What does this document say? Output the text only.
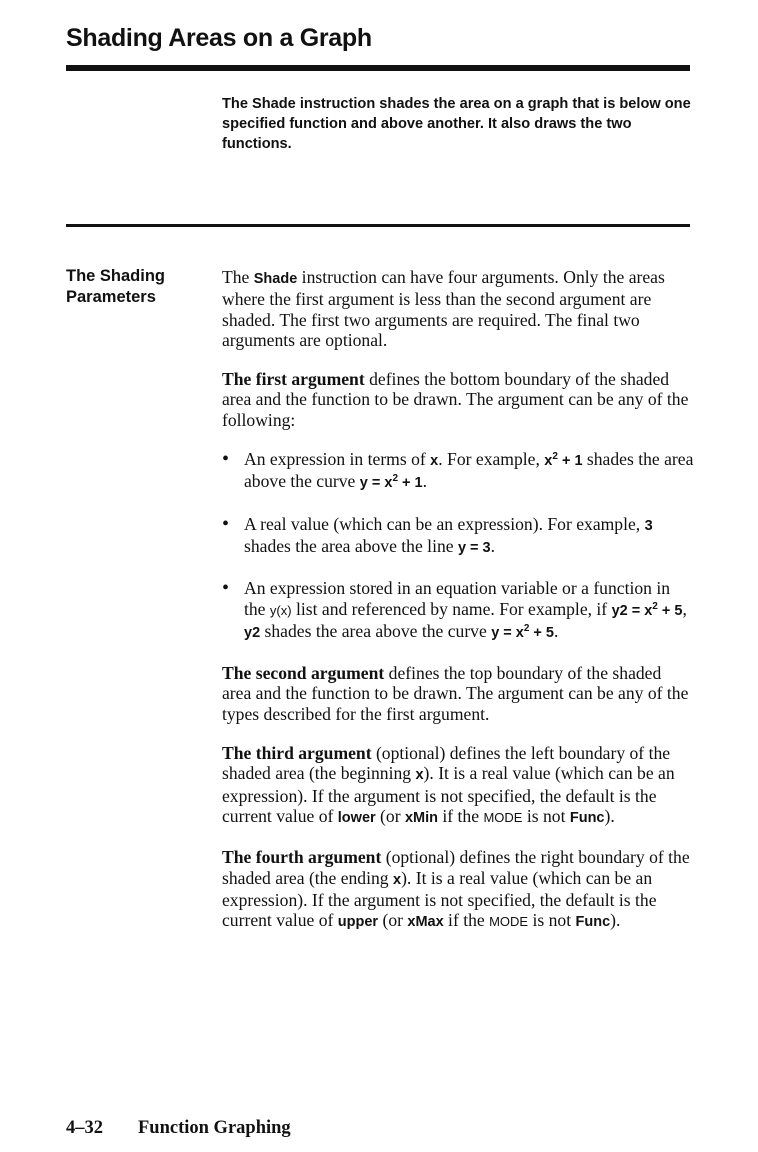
Shading Areas on a Graph

The Shade instruction shades the area on a graph that is below one specified function and above another. It also draws the two functions.

The Shading
Parameters

The Shade instruction can have four arguments. Only the areas where the first argument is less than the second argument are shaded. The first two arguments are required. The final two arguments are optional.

The first argument defines the bottom boundary of the shaded area and the function to be drawn. The argument can be any of the following:

• An expression in terms of x. For example, $x^2 + 1$ shades the area above the curve $y = x^2 + 1$.
• A real value (which can be an expression). For example, 3 shades the area above the line y = 3.
• An expression stored in an equation variable or a function in the y(x) list and referenced by name. For example, if $y2 = x^2 + 5$, y2 shades the area above the curve $y = x^2 + 5$.

The second argument defines the top boundary of the shaded area and the function to be drawn. The argument can be any of the types described for the first argument.

The third argument (optional) defines the left boundary of the shaded area (the beginning x). It is a real value (which can be an expression). If the argument is not specified, the default is the current value of lower (or xMin if the MODE is not Func).

The fourth argument (optional) defines the right boundary of the shaded area (the ending x). It is a real value (which can be an expression). If the argument is not specified, the default is the current value of upper (or xMax if the MODE is not Func).

4–32 Function Graphing
